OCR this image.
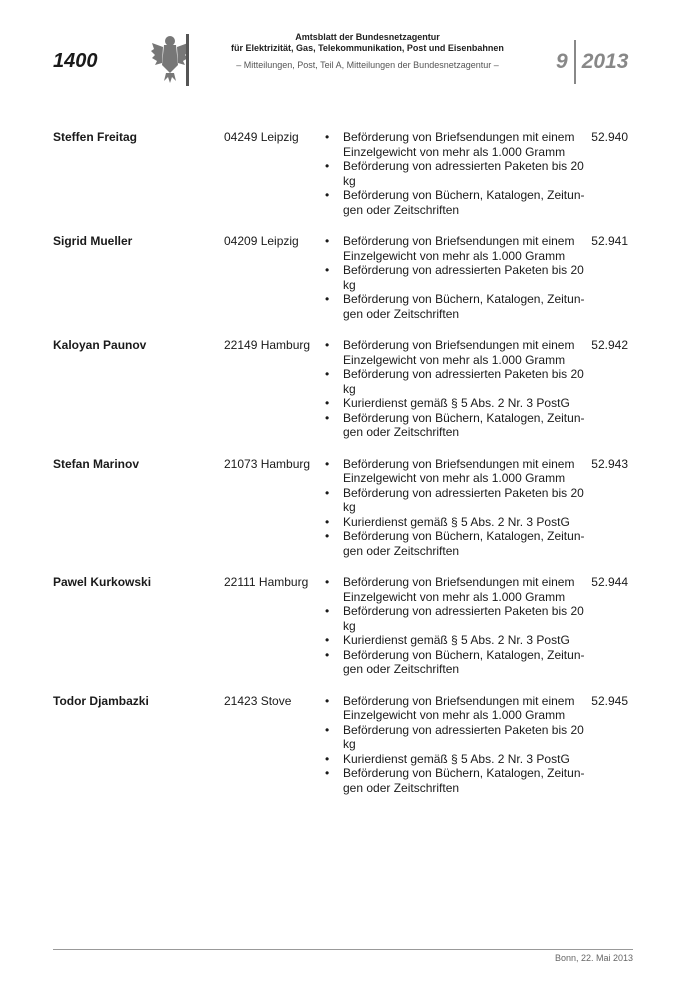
1400
Amtsblatt der Bundesnetzagentur
für Elektrizität, Gas, Telekommunikation, Post und Eisenbahnen
– Mitteilungen, Post, Teil A, Mitteilungen der Bundesnetzagentur –	9 2013
Steffen Freitag	04249 Leipzig	52.940
• Beförderung von Briefsendungen mit einem Einzelgewicht von mehr als 1.000 Gramm
• Beförderung von adressierten Paketen bis 20 kg
• Beförderung von Büchern, Katalogen, Zeitun-gen oder Zeitschriften
Sigrid Mueller	04209 Leipzig	52.941
• Beförderung von Briefsendungen mit einem Einzelgewicht von mehr als 1.000 Gramm
• Beförderung von adressierten Paketen bis 20 kg
• Beförderung von Büchern, Katalogen, Zeitun-gen oder Zeitschriften
Kaloyan Paunov	22149 Hamburg	52.942
• Beförderung von Briefsendungen mit einem Einzelgewicht von mehr als 1.000 Gramm
• Beförderung von adressierten Paketen bis 20 kg
• Kurierdienst gemäß § 5 Abs. 2 Nr. 3 PostG
• Beförderung von Büchern, Katalogen, Zeitun-gen oder Zeitschriften
Stefan Marinov	21073 Hamburg	52.943
• Beförderung von Briefsendungen mit einem Einzelgewicht von mehr als 1.000 Gramm
• Beförderung von adressierten Paketen bis 20 kg
• Kurierdienst gemäß § 5 Abs. 2 Nr. 3 PostG
• Beförderung von Büchern, Katalogen, Zeitun-gen oder Zeitschriften
Pawel Kurkowski	22111 Hamburg	52.944
• Beförderung von Briefsendungen mit einem Einzelgewicht von mehr als 1.000 Gramm
• Beförderung von adressierten Paketen bis 20 kg
• Kurierdienst gemäß § 5 Abs. 2 Nr. 3 PostG
• Beförderung von Büchern, Katalogen, Zeitun-gen oder Zeitschriften
Todor Djambazki	21423 Stove	52.945
• Beförderung von Briefsendungen mit einem Einzelgewicht von mehr als 1.000 Gramm
• Beförderung von adressierten Paketen bis 20 kg
• Kurierdienst gemäß § 5 Abs. 2 Nr. 3 PostG
• Beförderung von Büchern, Katalogen, Zeitun-gen oder Zeitschriften
Bonn, 22. Mai 2013
